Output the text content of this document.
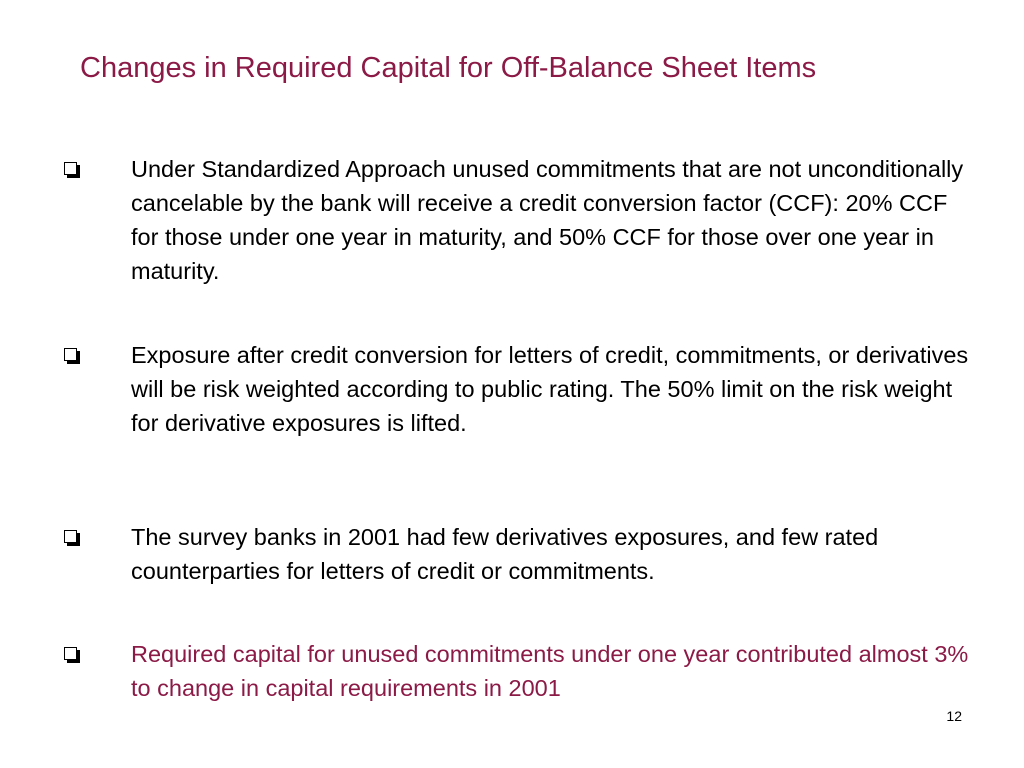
Changes in Required Capital for Off-Balance Sheet Items

Under Standardized Approach unused commitments that are not unconditionally cancelable by the bank will receive a credit conversion factor (CCF): 20% CCF for those under one year in maturity, and 50% CCF for those over one year in maturity.

Exposure after credit conversion for letters of credit, commitments, or derivatives will be risk weighted according to public rating. The 50% limit on the risk weight for derivative exposures is lifted.

The survey banks in 2001 had few derivatives exposures, and few rated counterparties for letters of credit or commitments.

Required capital for unused commitments under one year contributed almost 3% to change in capital requirements in 2001

12
